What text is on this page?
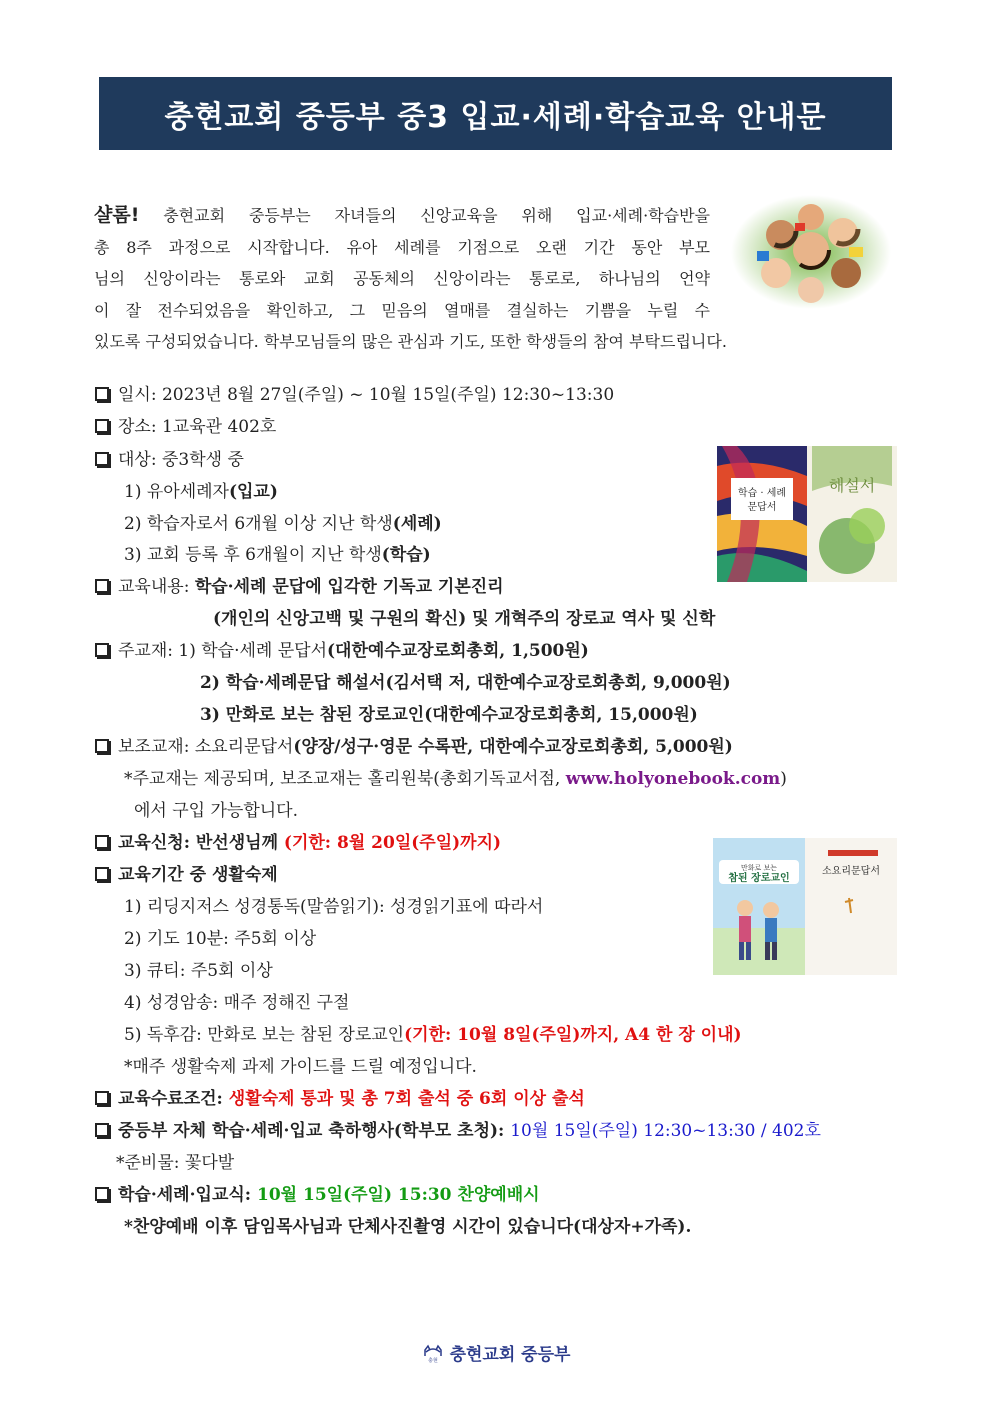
충현교회 중등부 중3 입교·세례·학습교육 안내문
샬롬! 충현교회 중등부는 자녀들의 신앙교육을 위해 입교·세례·학습반을
총 8주 과정으로 시작합니다. 유아 세례를 기점으로 오랜 기간 동안 부모
님의 신앙이라는 통로와 교회 공동체의 신앙이라는 통로로, 하나님의 언약
이 잘 전수되었음을 확인하고, 그 믿음의 열매를 결실하는 기쁨을 누릴 수
있도록 구성되었습니다. 학부모님들의 많은 관심과 기도, 또한 학생들의 참여 부탁드립니다.
일시: 2023년 8월 27일(주일) ~ 10월 15일(주일) 12:30~13:30
장소: 1교육관 402호
대상: 중3학생 중
1) 유아세례자(입교)
2) 학습자로서 6개월 이상 지난 학생(세례)
3) 교회 등록 후 6개월이 지난 학생(학습)
교육내용: 학습·세례 문답에 입각한 기독교 기본진리
(개인의 신앙고백 및 구원의 확신) 및 개혁주의 장로교 역사 및 신학
주교재: 1) 학습·세례 문답서(대한예수교장로회총회, 1,500원)
2) 학습·세례문답 해설서(김서택 저, 대한예수교장로회총회, 9,000원)
3) 만화로 보는 참된 장로교인(대한예수교장로회총회, 15,000원)
보조교재: 소요리문답서(양장/성구·영문 수록판, 대한예수교장로회총회, 5,000원)
*주교재는 제공되며, 보조교재는 홀리원북(총회기독교서점, www.holyonebook.com)
에서 구입 가능합니다.
교육신청: 반선생님께 (기한: 8월 20일(주일)까지)
교육기간 중 생활숙제
1) 리딩지저스 성경통독(말씀읽기): 성경읽기표에 따라서
2) 기도 10분: 주5회 이상
3) 큐티: 주5회 이상
4) 성경암송: 매주 정해진 구절
5) 독후감: 만화로 보는 참된 장로교인(기한: 10월 8일(주일)까지, A4 한 장 이내)
*매주 생활숙제 과제 가이드를 드릴 예정입니다.
교육수료조건: 생활숙제 통과 및 총 7회 출석 중 6회 이상 출석
중등부 자체 학습·세례·입교 축하행사(학부모 초청): 10월 15일(주일) 12:30~13:30 / 402호
*준비물: 꽃다발
학습·세례·입교식: 10월 15일(주일) 15:30 찬양예배시
*찬양예배 이후 담임목사님과 단체사진촬영 시간이 있습니다(대상자+가족).
학습 · 세례
문답서
해설서
만화로 보는
참된 장로교인
소요리문답서
충현 충현교회 중등부
